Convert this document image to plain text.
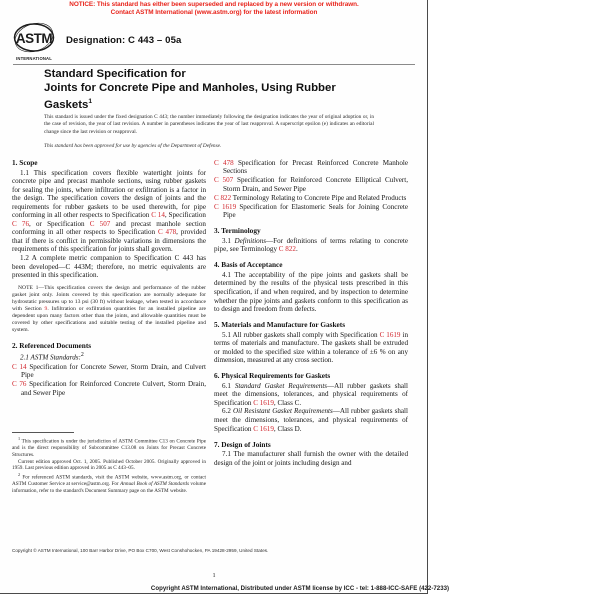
NOTICE: This standard has either been superseded and replaced by a new version or withdrawn.
Contact ASTM International (www.astm.org) for the latest information
ASTM
INTERNATIONAL
Designation: C 443 – 05a
Standard Specification for
Joints for Concrete Pipe and Manholes, Using Rubber
Gaskets$^1$
This standard is issued under the fixed designation C 443; the number immediately following the designation indicates the year of original adoption or, in the case of revision, the year of last revision. A number in parentheses indicates the year of last reapproval. A superscript epsilon (e) indicates an editorial change since the last revision or reapproval.
This standard has been approved for use by agencies of the Department of Defense.
1. Scope
1.1 This specification covers flexible watertight joints for concrete pipe and precast manhole sections, using rubber gaskets for sealing the joints, where infiltration or exfiltration is a factor in the design. The specification covers the design of joints and the requirements for rubber gaskets to be used therewith, for pipe conforming in all other respects to Specification C 14, Specification C 76, or Specification C 507 and precast manhole section conforming in all other respects to Specification C 478, provided that if there is conflict in permissible variations in dimensions the requirements of this specification for joints shall govern.
1.2 A complete metric companion to Specification C 443 has been developed—C 443M; therefore, no metric equivalents are presented in this specification.
NOTE 1—This specification covers the design and performance of the rubber gasket joint only. Joints covered by this specification are normally adequate for hydrostatic pressures up to 13 psi (30 ft) without leakage, when tested in accordance with Section 9. Infiltration or exfiltration quantities for an installed pipeline are dependent upon many factors other than the joints, and allowable quantities must be covered by other specifications and suitable testing of the installed pipeline and system.
2. Referenced Documents
2.1 ASTM Standards:$^2$
C 14 Specification for Concrete Sewer, Storm Drain, and Culvert Pipe
C 76 Specification for Reinforced Concrete Culvert, Storm Drain, and Sewer Pipe

$^1$ This specification is under the jurisdiction of ASTM Committee C13 on Concrete Pipe and is the direct responsibility of Subcommittee C13.08 on Joints for Precast Concrete Structures.

Current edition approved Oct. 1, 2005. Published October 2005. Originally approved in 1959. Last previous edition approved in 2005 as C 443–05.

$^2$ For referenced ASTM standards, visit the ASTM website, www.astm.org, or contact ASTM Customer Service at service@astm.org. For Annual Book of ASTM Standards volume information, refer to the standard's Document Summary page on the ASTM website.

C 478 Specification for Precast Reinforced Concrete Manhole Sections
C 507 Specification for Reinforced Concrete Elliptical Culvert, Storm Drain, and Sewer Pipe
C 822 Terminology Relating to Concrete Pipe and Related Products
C 1619 Specification for Elastomeric Seals for Joining Concrete Pipe
3. Terminology
3.1 Definitions—For definitions of terms relating to concrete pipe, see Terminology C 822.
4. Basis of Acceptance
4.1 The acceptability of the pipe joints and gaskets shall be determined by the results of the physical tests prescribed in this specification, if and when required, and by inspection to determine whether the pipe joints and gaskets conform to this specification as to design and freedom from defects.
5. Materials and Manufacture for Gaskets
5.1 All rubber gaskets shall comply with Specification C 1619 in terms of materials and manufacture. The gaskets shall be extruded or molded to the specified size within a tolerance of ±6 % on any dimension, measured at any cross section.
6. Physical Requirements for Gaskets
6.1 Standard Gasket Requirements—All rubber gaskets shall meet the dimensions, tolerances, and physical requirements of Specification C 1619, Class C.
6.2 Oil Resistant Gasket Requirements—All rubber gaskets shall meet the dimensions, tolerances, and physical requirements of Specification C 1619, Class D.
7. Design of Joints
7.1 The manufacturer shall furnish the owner with the detailed design of the joint or joints including design and
Copyright © ASTM International, 100 Barr Harbor Drive, PO Box C700, West Conshohocken, PA 19428-2959, United States.
1
Copyright ASTM International, Distributed under ASTM license by ICC - tel: 1-888-ICC-SAFE (422-7233)
